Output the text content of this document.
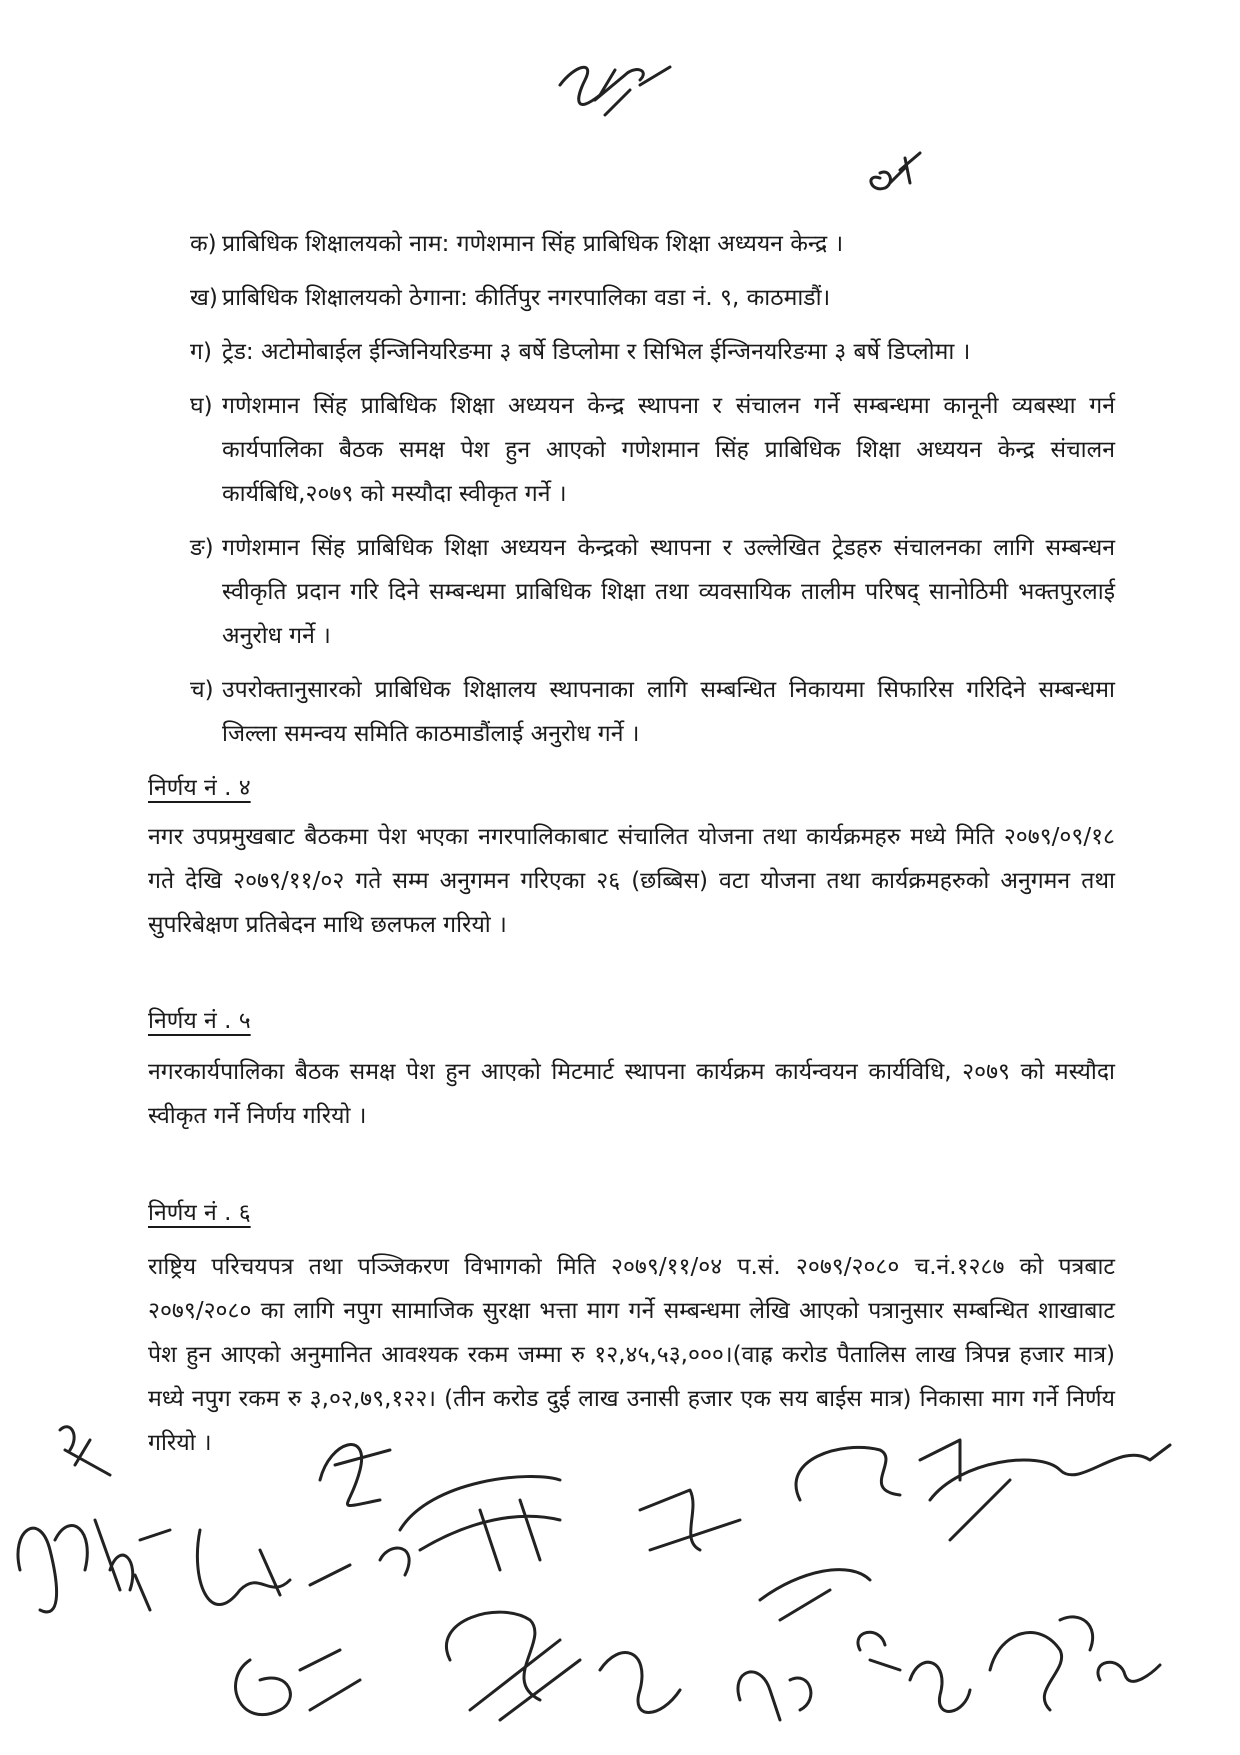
क) प्राबिधिक शिक्षालयको नाम: गणेशमान सिंह प्राबिधिक शिक्षा अध्ययन केन्द्र ।
ख) प्राबिधिक शिक्षालयको ठेगाना: कीर्तिपुर नगरपालिका वडा नं. ९, काठमाडौं।
ग) ट्रेड: अटोमोबाईल ईन्जिनियरिङमा ३ बर्षे डिप्लोमा र सिभिल ईन्जिनयरिङमा ३ बर्षे डिप्लोमा ।
घ) गणेशमान सिंह प्राबिधिक शिक्षा अध्ययन केन्द्र स्थापना र संचालन गर्ने सम्बन्धमा कानूनी व्यबस्था गर्न कार्यपालिका बैठक समक्ष पेश हुन आएको गणेशमान सिंह प्राबिधिक शिक्षा अध्ययन केन्द्र संचालन कार्यबिधि,२०७९ को मस्यौदा स्वीकृत गर्ने ।
ङ) गणेशमान सिंह प्राबिधिक शिक्षा अध्ययन केन्द्रको स्थापना र उल्लेखित ट्रेडहरु संचालनका लागि सम्बन्धन स्वीकृति प्रदान गरि दिने सम्बन्धमा प्राबिधिक शिक्षा तथा व्यवसायिक तालीम परिषद् सानोठिमी भक्तपुरलाई अनुरोध गर्ने ।
च) उपरोक्तानुसारको प्राबिधिक शिक्षालय स्थापनाका लागि सम्बन्धित निकायमा सिफारिस गरिदिने सम्बन्धमा जिल्ला समन्वय समिति काठमाडौंलाई अनुरोध गर्ने ।
निर्णय नं . ४
नगर उपप्रमुखबाट बैठकमा पेश भएका नगरपालिकाबाट संचालित योजना तथा कार्यक्रमहरु मध्ये मिति २०७९/०९/१८ गते देखि २०७९/११/०२ गते सम्म अनुगमन गरिएका २६ (छब्बिस) वटा योजना तथा कार्यक्रमहरुको अनुगमन तथा सुपरिबेक्षण प्रतिबेदन माथि छलफल गरियो ।
निर्णय नं . ५
नगरकार्यपालिका बैठक समक्ष पेश हुन आएको मिटमार्ट स्थापना कार्यक्रम कार्यन्वयन कार्यविधि, २०७९ को मस्यौदा स्वीकृत गर्ने निर्णय गरियो ।
निर्णय नं . ६
राष्ट्रिय परिचयपत्र तथा पञ्जिकरण विभागको मिति २०७९/११/०४ प.सं. २०७९/२०८० च.नं.१२८७ को पत्रबाट २०७९/२०८० का लागि नपुग सामाजिक सुरक्षा भत्ता माग गर्ने सम्बन्धमा लेखि आएको पत्रानुसार सम्बन्धित शाखाबाट पेश हुन आएको अनुमानित आवश्यक रकम जम्मा रु १२,४५,५३,०००।(वाह्र करोड पैतालिस लाख त्रिपन्न हजार मात्र) मध्ये नपुग रकम रु ३,०२,७९,१२२। (तीन करोड दुई लाख उनासी हजार एक सय बाईस मात्र) निकासा माग गर्ने निर्णय गरियो ।
